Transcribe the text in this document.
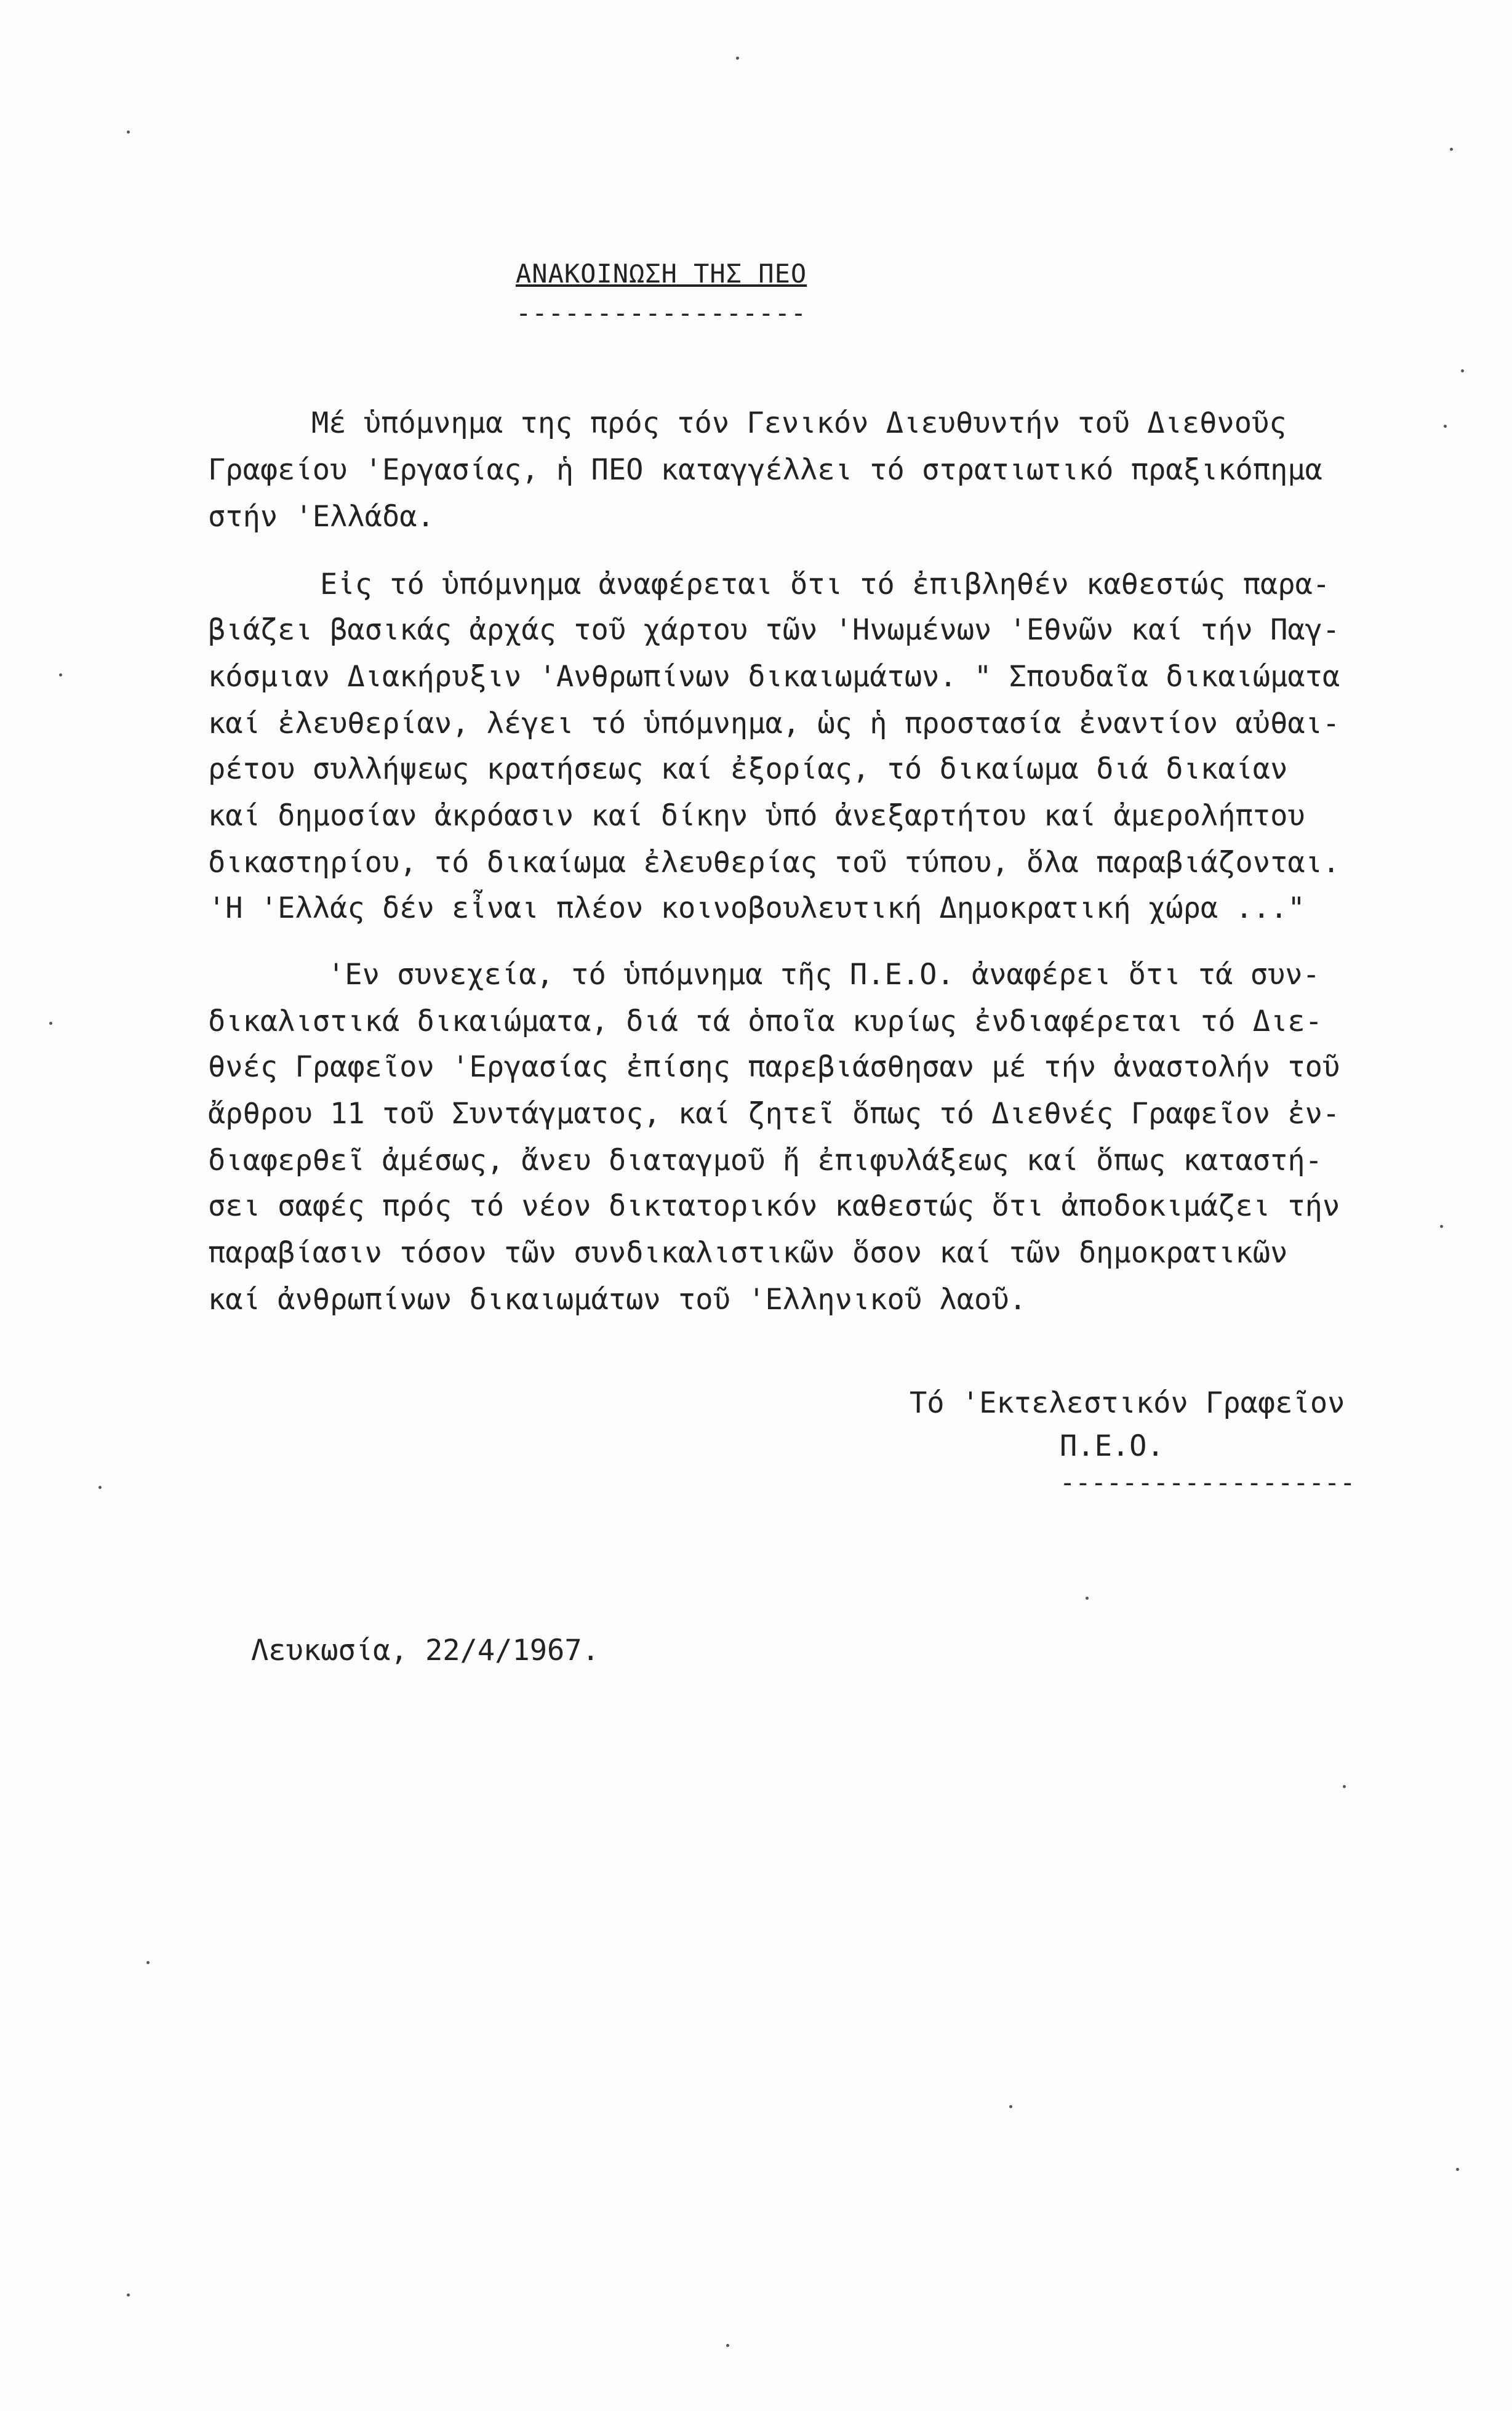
ΑΝΑΚΟΙΝΩΣΗ ΤΗΣ ΠΕΟ
------------------
Μέ ὑπόμνημα της πρός τόν Γενικόν Διευθυντήν τοῦ Διεθνοῦς
Γραφείου 'Εργασίας, ἡ ΠΕΟ καταγγέλλει τό στρατιωτικό πραξικόπημα
στήν 'Ελλάδα.
Εἰς τό ὑπόμνημα ἀναφέρεται ὅτι τό ἐπιβληθέν καθεστώς παρα-
βιάζει βασικάς ἀρχάς τοῦ χάρτου τῶν 'Ηνωμένων 'Εθνῶν καί τήν Παγ-
κόσμιαν Διακήρυξιν 'Ανθρωπίνων δικαιωμάτων. " Σπουδαῖα δικαιώματα
καί ἐλευθερίαν, λέγει τό ὑπόμνημα, ὡς ἡ προστασία ἐναντίον αὐθαι-
ρέτου συλλήψεως κρατήσεως καί ἐξορίας, τό δικαίωμα διά δικαίαν
καί δημοσίαν ἀκρόασιν καί δίκην ὑπό ἀνεξαρτήτου καί ἀμερολήπτου
δικαστηρίου, τό δικαίωμα ἐλευθερίας τοῦ τύπου, ὅλα παραβιάζονται.
'Η 'Ελλάς δέν εἶναι πλέον κοινοβουλευτική Δημοκρατική χώρα ..."
'Εν συνεχεία, τό ὑπόμνημα τῆς Π.Ε.Ο. ἀναφέρει ὅτι τά συν-
δικαλιστικά δικαιώματα, διά τά ὁποῖα κυρίως ἐνδιαφέρεται τό Διε-
θνές Γραφεῖον 'Εργασίας ἐπίσης παρεβιάσθησαν μέ τήν ἀναστολήν τοῦ
ἄρθρου 11 τοῦ Συντάγματος, καί ζητεῖ ὅπως τό Διεθνές Γραφεῖον ἐν-
διαφερθεῖ ἀμέσως, ἄνευ διαταγμοῦ ἤ ἐπιφυλάξεως καί ὅπως καταστή-
σει σαφές πρός τό νέον δικτατορικόν καθεστώς ὅτι ἀποδοκιμάζει τήν
παραβίασιν τόσον τῶν συνδικαλιστικῶν ὅσον καί τῶν δημοκρατικῶν
καί ἀνθρωπίνων δικαιωμάτων τοῦ 'Ελληνικοῦ λαοῦ.
Τό 'Εκτελεστικόν Γραφεῖον
Π.Ε.Ο.
-------------------
Λευκωσία, 22/4/1967.
